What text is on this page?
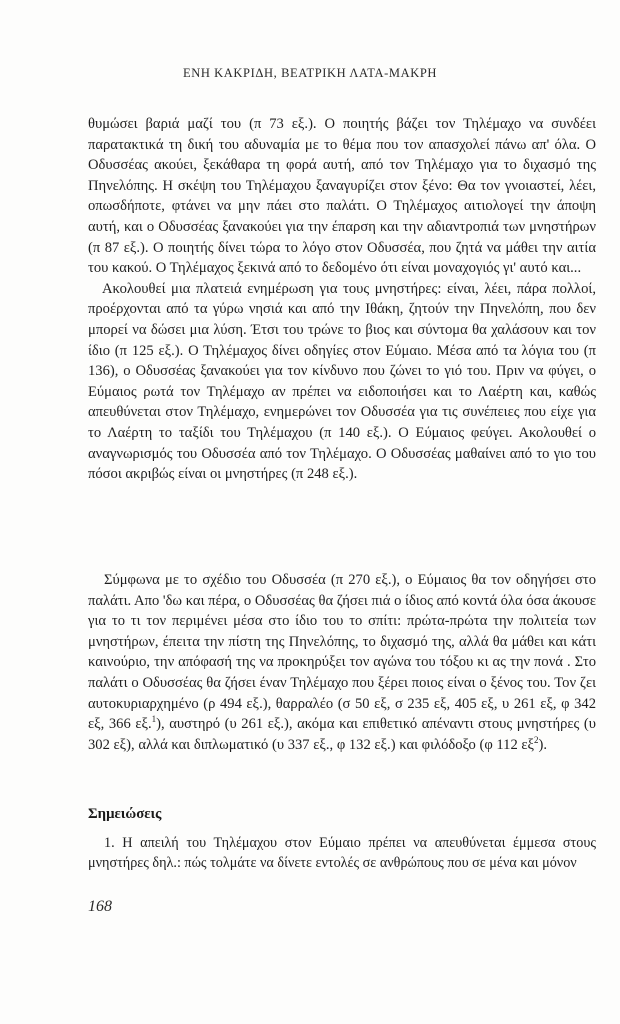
ΕΝΗ ΚΑΚΡΙΔΗ, ΒΕΑΤΡΙΚΗ ΛΑΤΑ-ΜΑΚΡΗ

θυμώσει βαριά μαζί του (π 73 εξ.). Ο ποιητής βάζει τον Τηλέμαχο να συνδέει παρατακτικά τη δική του αδυναμία με το θέμα που τον απασχολεί πάνω απ' όλα. Ο Οδυσσέας ακούει, ξεκάθαρα τη φορά αυτή, από τον Τηλέμαχο για το διχασμό της Πηνελόπης. Η σκέψη του Τηλέμαχου ξαναγυρίζει στον ξένο: Θα τον γνοιαστεί, λέει, οπωσδήποτε, φτάνει να μην πάει στο παλάτι. Ο Τηλέμαχος αιτιολογεί την άποψη αυτή, και ο Οδυσσέας ξανακούει για την έπαρση και την αδιαντροπιά των μνηστήρων (π 87 εξ.). Ο ποιητής δίνει τώρα το λόγο στον Οδυσσέα, που ζητά να μάθει την αιτία του κακού. Ο Τηλέμαχος ξεκινά από το δεδομένο ότι είναι μοναχογιός γι' αυτό και...

Ακολουθεί μια πλατειά ενημέρωση για τους μνηστήρες: είναι, λέει, πάρα πολλοί, προέρχονται από τα γύρω νησιά και από την Ιθάκη, ζητούν την Πηνελόπη, που δεν μπορεί να δώσει μια λύση. Έτσι του τρώνε το βιος και σύντομα θα χαλάσουν και τον ίδιο (π 125 εξ.). Ο Τηλέμαχος δίνει οδηγίες στον Εύμαιο. Μέσα από τα λόγια του (π 136), ο Οδυσσέας ξανακούει για τον κίνδυνο που ζώνει το γιό του. Πριν να φύγει, ο Εύμαιος ρωτά τον Τηλέμαχο αν πρέπει να ειδοποιήσει και το Λαέρτη και, καθώς απευθύνεται στον Τηλέμαχο, ενημερώνει τον Οδυσσέα για τις συνέπειες που είχε για το Λαέρτη το ταξίδι του Τηλέμαχου (π 140 εξ.). Ο Εύμαιος φεύγει. Ακολουθεί ο αναγνωρισμός του Οδυσσέα από τον Τηλέμαχο. Ο Οδυσσέας μαθαίνει από το γιο του πόσοι ακριβώς είναι οι μνηστήρες (π 248 εξ.).

Σύμφωνα με το σχέδιο του Οδυσσέα (π 270 εξ.), ο Εύμαιος θα τον οδηγήσει στο παλάτι. Απο 'δω και πέρα, ο Οδυσσέας θα ζήσει πιά ο ίδιος από κοντά όλα όσα άκουσε για το τι τον περιμένει μέσα στο ίδιο του το σπίτι: πρώτα-πρώτα την πολιτεία των μνηστήρων, έπειτα την πίστη της Πηνελόπης, το διχασμό της, αλλά θα μάθει και κάτι καινούριο, την απόφασή της να προκηρύξει τον αγώνα του τόξου κι ας την πονά . Στο παλάτι ο Οδυσσέας θα ζήσει έναν Τηλέμαχο που ξέρει ποιος είναι ο ξένος του. Τον ζει αυτοκυριαρχημένο (ρ 494 εξ.), θαρραλέο (σ 50 εξ, σ 235 εξ, 405 εξ, υ 261 εξ, φ 342 εξ, 366 εξ.$^1$), αυστηρό (υ 261 εξ.), ακόμα και επιθετικό απέναντι στους μνηστήρες (υ 302 εξ), αλλά και διπλωματικό (υ 337 εξ., φ 132 εξ.) και φιλόδοξο (φ 112 $\varepsilon\xi^2$).

Σημειώσεις

1. Η απειλή του Τηλέμαχου στον Εύμαιο πρέπει να απευθύνεται έμμεσα στους μνηστήρες δηλ.: πώς τολμάτε να δίνετε εντολές σε ανθρώπους που σε μένα και μόνον

168
